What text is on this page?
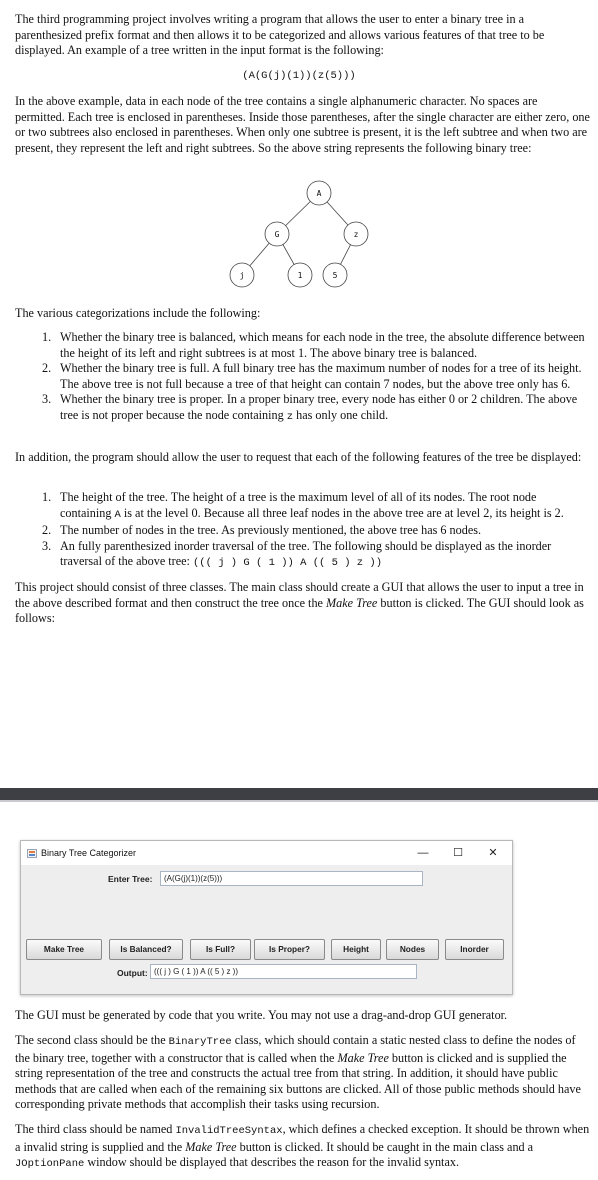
The third programming project involves writing a program that allows the user to enter a binary tree in a parenthesized prefix format and then allows it to be categorized and allows various features of that tree to be displayed. An example of a tree written in the input format is the following:

(A(G(j)(1))(z(5)))

In the above example, data in each node of the tree contains a single alphanumeric character. No spaces are permitted. Each tree is enclosed in parentheses. Inside those parentheses, after the single character are either zero, one or two subtrees also enclosed in parentheses. When only one subtree is present, it is the left subtree and when two are present, they represent the left and right subtrees. So the above string represents the following binary tree:

A
G	z
j	1	5

The various categorizations include the following:

1. Whether the binary tree is balanced, which means for each node in the tree, the absolute difference between the height of its left and right subtrees is at most 1. The above binary tree is balanced.
2. Whether the binary tree is full. A full binary tree has the maximum number of nodes for a tree of its height. The above tree is not full because a tree of that height can contain 7 nodes, but the above tree only has 6.
3. Whether the binary tree is proper. In a proper binary tree, every node has either 0 or 2 children. The above tree is not proper because the node containing z has only one child.

In addition, the program should allow the user to request that each of the following features of the tree be displayed:

1. The height of the tree. The height of a tree is the maximum level of all of its nodes. The root node containing A is at the level 0. Because all three leaf nodes in the above tree are at level 2, its height is 2.
2. The number of nodes in the tree. As previously mentioned, the above tree has 6 nodes.
3. An fully parenthesized inorder traversal of the tree. The following should be displayed as the inorder traversal of the above tree: ((( j ) G ( 1 )) A (( 5 ) z ))

This project should consist of three classes. The main class should create a GUI that allows the user to input a tree in the above described format and then construct the tree once the Make Tree button is clicked. The GUI should look as follows:

Binary Tree Categorizer	—	☐	✕
Enter Tree:	(A(G(j)(1))(z(5)))
Make Tree	Is Balanced?	Is Full?	Is Proper?	Height	Nodes	Inorder
Output: ((( j ) G ( 1 )) A (( 5 ) z ))

The GUI must be generated by code that you write. You may not use a drag-and-drop GUI generator.

The second class should be the BinaryTree class, which should contain a static nested class to define the nodes of the binary tree, together with a constructor that is called when the Make Tree button is clicked and is supplied the string representation of the tree and constructs the actual tree from that string. In addition, it should have public methods that are called when each of the remaining six buttons are clicked. All of those public methods should have corresponding private methods that accomplish their tasks using recursion.

The third class should be named InvalidTreeSyntax, which defines a checked exception. It should be thrown when a invalid string is supplied and the Make Tree button is clicked. It should be caught in the main class and a JOptionPane window should be displayed that describes the reason for the invalid syntax.
